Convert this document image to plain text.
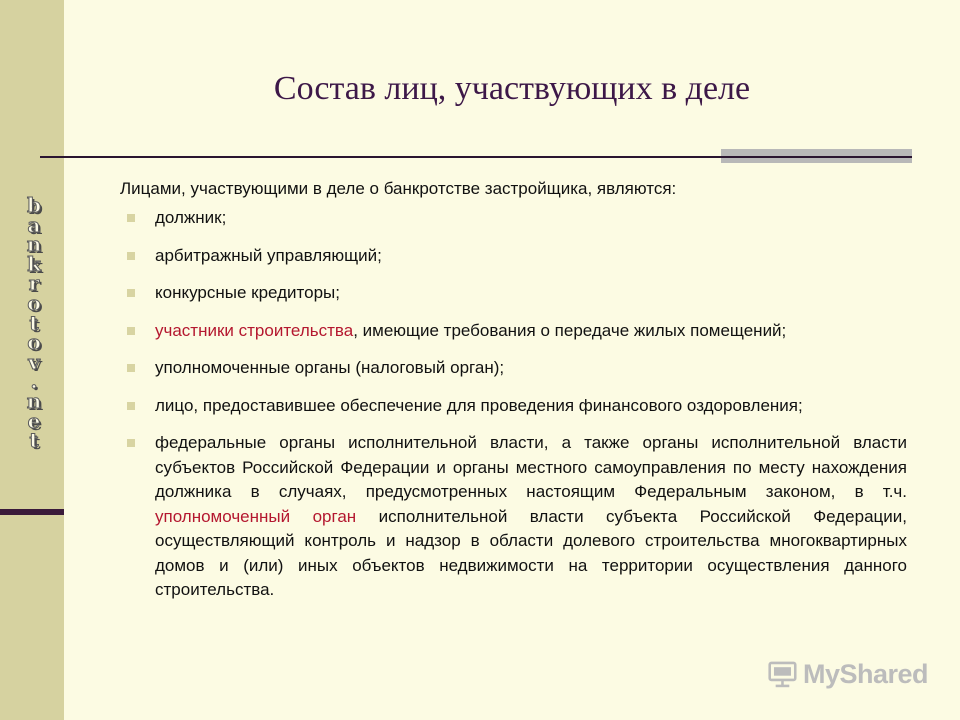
b
a
n
k
r
o
t
o
v
.
n
e
t
Состав лиц, участвующих в деле

Лицами, участвующими в деле о банкротстве застройщика, являются:

должник;
арбитражный управляющий;
конкурсные кредиторы;
участники строительства, имеющие требования о передаче жилых помещений;
уполномоченные органы (налоговый орган);
лицо, предоставившее обеспечение для проведения финансового оздоровления;
федеральные органы исполнительной власти, а также органы исполнительной власти субъектов Российской Федерации и органы местного самоуправления по месту нахождения должника в случаях, предусмотренных настоящим Федеральным законом, в т.ч. уполномоченный орган исполнительной власти субъекта Российской Федерации, осуществляющий контроль и надзор в области долевого строительства многоквартирных домов и (или) иных объектов недвижимости на территории осуществления данного строительства.
MyShared
